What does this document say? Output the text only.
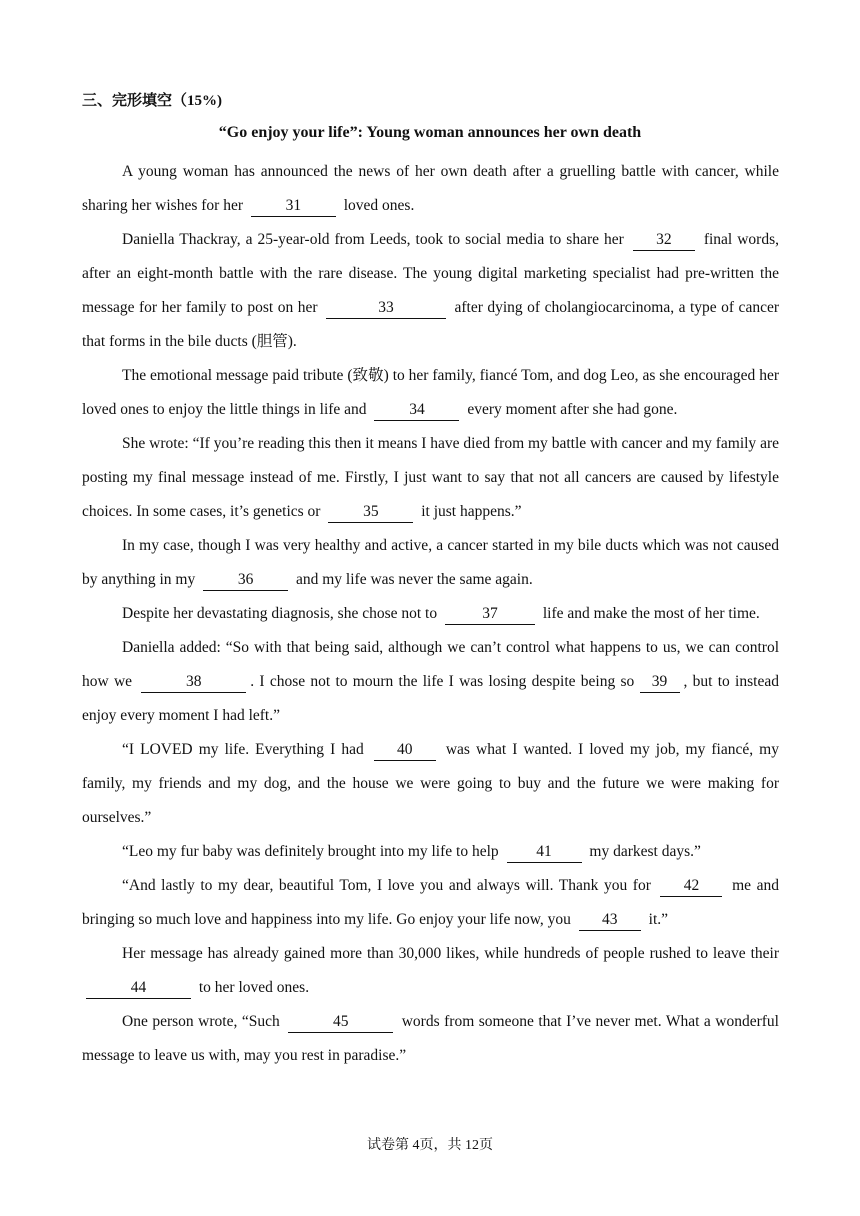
三、完形填空（15%)
“Go enjoy your life”: Young woman announces her own death

A young woman has announced the news of her own death after a gruelling battle with cancer, while sharing her wishes for her	31	loved ones.

Daniella Thackray, a 25-year-old from Leeds, took to social media to share her 32 final words, after an eight-month battle with the rare disease. The young digital marketing specialist had pre-written the message for her family to post on her	33	after dying of cholangiocarcinoma, a type of cancer that forms in the bile ducts (胆管).

The emotional message paid tribute (致敬) to her family, fiancé Tom, and dog Leo, as she encouraged her loved ones to enjoy the little things in life and	34	every moment after she had gone.

She wrote: “If you’re reading this then it means I have died from my battle with cancer and my family are posting my final message instead of me. Firstly, I just want to say that not all cancers are caused by lifestyle choices. In some cases, it’s genetics or	35	it just happens.”

In my case, though I was very healthy and active, a cancer started in my bile ducts which was not caused by anything in my	36	and my life was never the same again.

Despite her devastating diagnosis, she chose not to	37	life and make the most of her time.

Daniella added: “So with that being said, although we can’t control what happens to us, we can control how we	38	. I chose not to mourn the life I was losing despite being so 39 , but to instead enjoy every moment I had left.”

“I LOVED my life. Everything I had 40 was what I wanted. I loved my job, my fiancé, my family, my friends and my dog, and the house we were going to buy and the future we were making for ourselves.”

“Leo my fur baby was definitely brought into my life to help 41 my darkest days.”

“And lastly to my dear, beautiful Tom, I love you and always will. Thank you for 42 me and bringing so much love and happiness into my life. Go enjoy your life now, you 43 it.”

Her message has already gained more than 30,000 likes, while hundreds of people rushed to leave their 44	to her loved ones.

One person wrote, “Such	45	words from someone that I’ve never met. What a wonderful message to leave us with, may you rest in paradise.”

试卷第 4页，共 12页
